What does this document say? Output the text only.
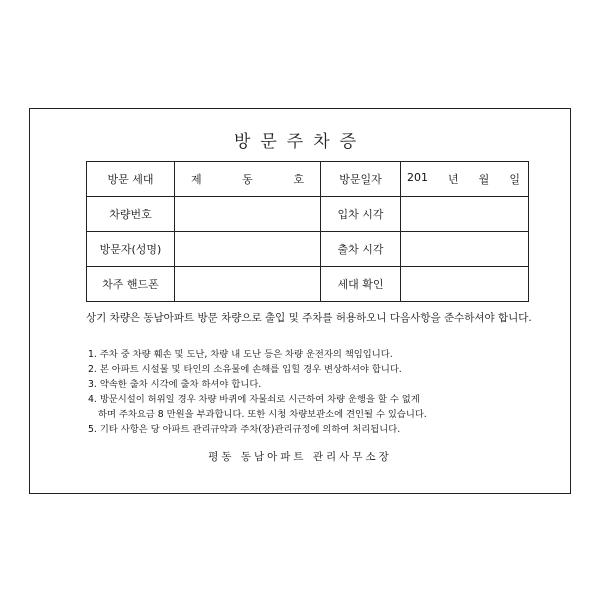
방문주차증
방문 세대	제 동 호	방문일자	201 년 월 일

차량번호		입차 시각	
방문자(성명)		출차 시각	
차주 핸드폰		세대 확인	
상기 차량은 동남아파트 방문 차량으로 출입 및 주차를 허용하오니 다음사항을 준수하셔야 합니다.
1. 주차 중 차량 훼손 및 도난, 차량 내 도난 등은 차량 운전자의 책임입니다.
2. 본 아파트 시설물 및 타인의 소유물에 손해를 입힐 경우 변상하셔야 합니다.
3. 약속한 출차 시각에 출차 하셔야 합니다.
4. 방문시설이 허위일 경우 차량 바퀴에 자물쇠로 시근하여 차량 운행을 할 수 없게
하며 주차요금 8 만원을 부과합니다. 또한 시청 차량보관소에 견인될 수 있습니다.
5. 기타 사항은 당 아파트 관리규약과 주차(장)관리규정에 의하여 처리됩니다.
평동 동남아파트 관리사무소장
